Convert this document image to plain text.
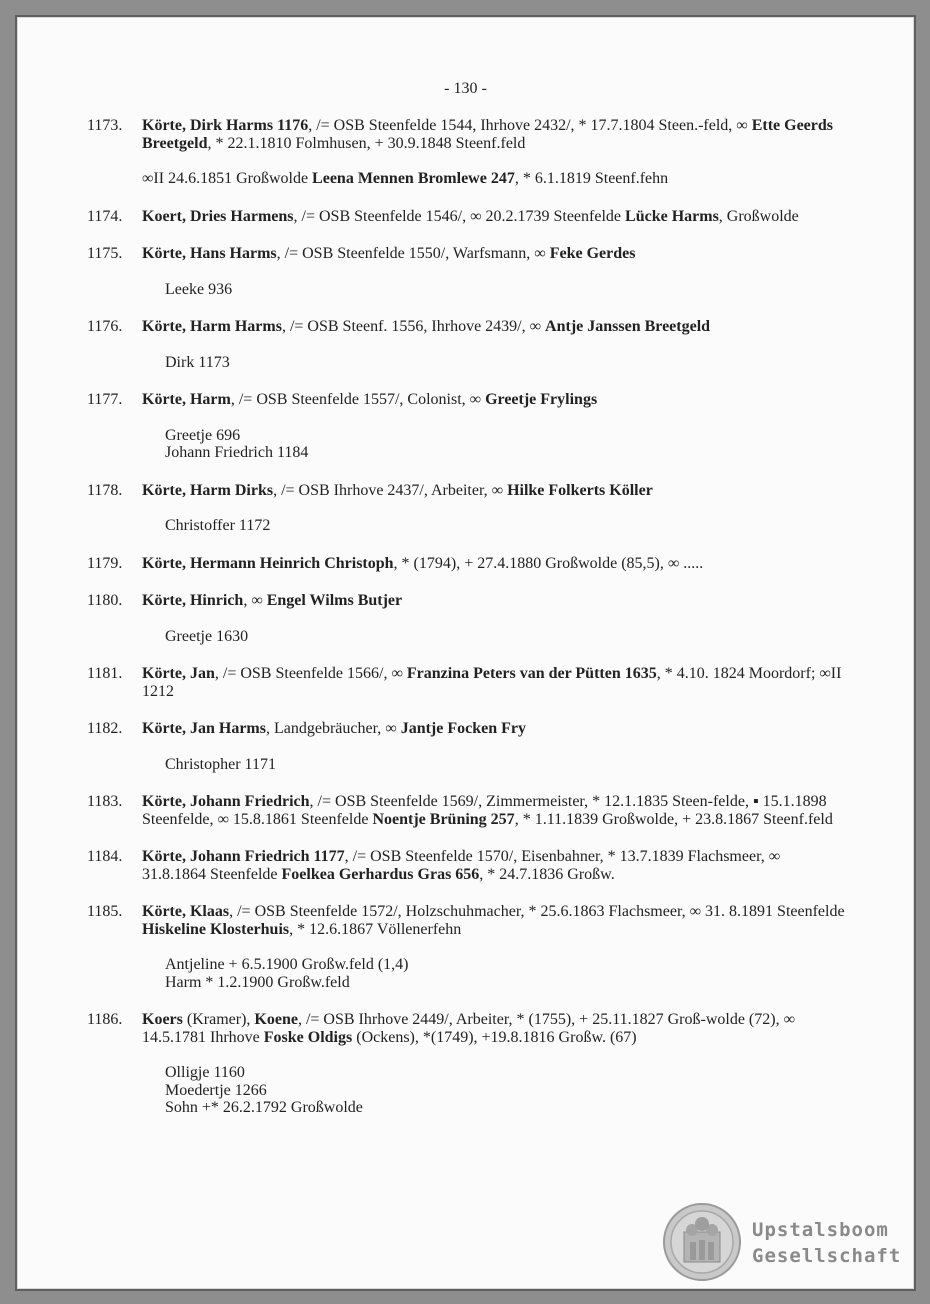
- 130 -
1173.	Körte, Dirk Harms 1176, /= OSB Steenfelde 1544, Ihrhove 2432/, * 17.7.1804 Steen.-feld, ∞ Ette Geerds Breetgeld, * 22.1.1810 Folmhusen, + 30.9.1848 Steenf.feld
∞II 24.6.1851 Großwolde Leena Mennen Bromlewe 247, * 6.1.1819 Steenf.fehn
1174.	Koert, Dries Harmens, /= OSB Steenfelde 1546/, ∞ 20.2.1739 Steenfelde Lücke Harms, Großwolde
1175.	Körte, Hans Harms, /= OSB Steenfelde 1550/, Warfsmann, ∞ Feke Gerdes
Leeke 936
1176.	Körte, Harm Harms, /= OSB Steenf. 1556, Ihrhove 2439/, ∞ Antje Janssen Breetgeld
Dirk 1173
1177.	Körte, Harm, /= OSB Steenfelde 1557/, Colonist, ∞ Greetje Frylings
Greetje 696
Johann Friedrich 1184
1178.	Körte, Harm Dirks, /= OSB Ihrhove 2437/, Arbeiter, ∞ Hilke Folkerts Köller
Christoffer 1172
1179.	Körte, Hermann Heinrich Christoph, * (1794), + 27.4.1880 Großwolde (85,5), ∞ .....
1180.	Körte, Hinrich, ∞ Engel Wilms Butjer
Greetje 1630
1181.	Körte, Jan, /= OSB Steenfelde 1566/, ∞ Franzina Peters van der Pütten 1635, * 4.10. 1824 Moordorf; ∞II 1212
1182.	Körte, Jan Harms, Landgebräucher, ∞ Jantje Focken Fry
Christopher 1171
1183.	Körte, Johann Friedrich, /= OSB Steenfelde 1569/, Zimmermeister, * 12.1.1835 Steen-felde, ▪ 15.1.1898 Steenfelde, ∞ 15.8.1861 Steenfelde Noentje Brüning 257, * 1.11.1839 Großwolde, + 23.8.1867 Steenf.feld
1184.	Körte, Johann Friedrich 1177, /= OSB Steenfelde 1570/, Eisenbahner, * 13.7.1839 Flachsmeer, ∞ 31.8.1864 Steenfelde Foelkea Gerhardus Gras 656, * 24.7.1836 Großw.
1185.	Körte, Klaas, /= OSB Steenfelde 1572/, Holzschuhmacher, * 25.6.1863 Flachsmeer, ∞ 31. 8.1891 Steenfelde Hiskeline Klosterhuis, * 12.6.1867 Völlenerfehn
Antjeline + 6.5.1900 Großw.feld (1,4)
Harm * 1.2.1900 Großw.feld
1186.	Koers (Kramer), Koene, /= OSB Ihrhove 2449/, Arbeiter, * (1755), + 25.11.1827 Groß-wolde (72), ∞ 14.5.1781 Ihrhove Foske Oldigs (Ockens), *(1749), +19.8.1816 Großw. (67)
Olligje 1160
Moedertje 1266
Sohn +* 26.2.1792 Großwolde
Upstalsboom
Gesellschaft
